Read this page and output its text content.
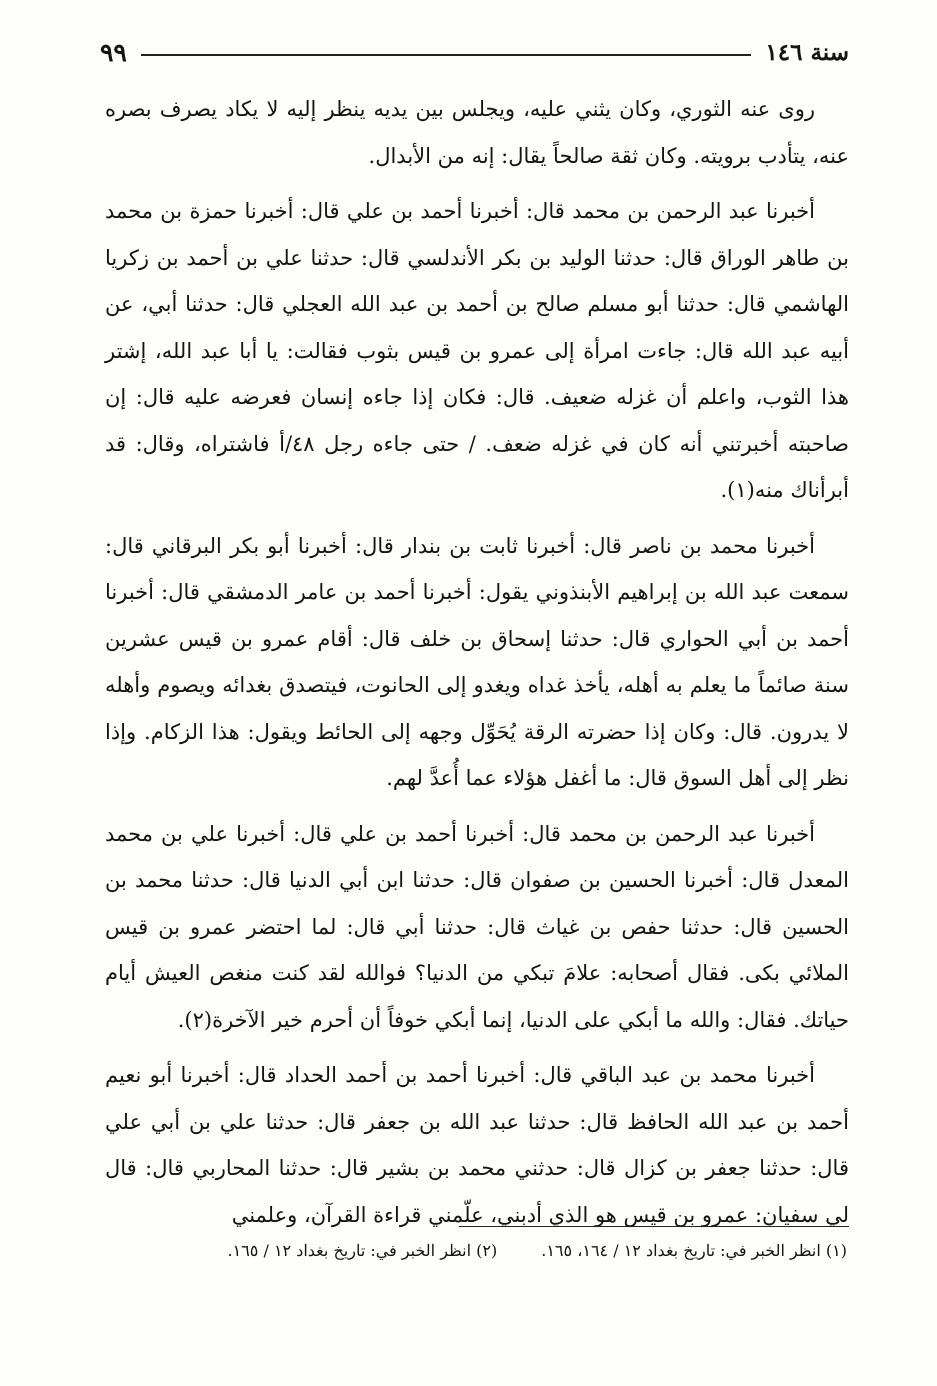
سنة ١٤٦
٩٩

روى عنه الثوري، وكان يثني عليه، ويجلس بين يديه ينظر إليه لا يكاد يصرف بصره عنه، يتأدب برويته. وكان ثقة صالحاً يقال: إنه من الأبدال.

أخبرنا عبد الرحمن بن محمد قال: أخبرنا أحمد بن علي قال: أخبرنا حمزة بن محمد بن طاهر الوراق قال: حدثنا الوليد بن بكر الأندلسي قال: حدثنا علي بن أحمد بن زكريا الهاشمي قال: حدثنا أبو مسلم صالح بن أحمد بن عبد الله العجلي قال: حدثنا أبي، عن أبيه عبد الله قال: جاءت امرأة إلى عمرو بن قيس بثوب فقالت: يا أبا عبد الله، إشتر هذا الثوب، واعلم أن غزله ضعيف. قال: فكان إذا جاءه إنسان فعرضه عليه قال: إن صاحبته أخبرتني أنه كان في غزله ضعف. / حتى جاءه رجل ٤٨/أ فاشتراه، وقال: قد أبرأناك منه(١).

أخبرنا محمد بن ناصر قال: أخبرنا ثابت بن بندار قال: أخبرنا أبو بكر البرقاني قال: سمعت عبد الله بن إبراهيم الأبنذوني يقول: أخبرنا أحمد بن عامر الدمشقي قال: أخبرنا أحمد بن أبي الحواري قال: حدثنا إسحاق بن خلف قال: أقام عمرو بن قيس عشرين سنة صائماً ما يعلم به أهله، يأخذ غداه ويغدو إلى الحانوت، فيتصدق بغدائه ويصوم وأهله لا يدرون. قال: وكان إذا حضرته الرقة يُحَوِّل وجهه إلى الحائط ويقول: هذا الزكام. وإذا نظر إلى أهل السوق قال: ما أغفل هؤلاء عما أُعدَّ لهم.

أخبرنا عبد الرحمن بن محمد قال: أخبرنا أحمد بن علي قال: أخبرنا علي بن محمد المعدل قال: أخبرنا الحسين بن صفوان قال: حدثنا ابن أبي الدنيا قال: حدثنا محمد بن الحسين قال: حدثنا حفص بن غياث قال: حدثنا أبي قال: لما احتضر عمرو بن قيس الملائي بكى. فقال أصحابه: علامَ تبكي من الدنيا؟ فوالله لقد كنت منغص العيش أيام حياتك. فقال: والله ما أبكي على الدنيا، إنما أبكي خوفاً أن أحرم خير الآخرة(٢).

أخبرنا محمد بن عبد الباقي قال: أخبرنا أحمد بن أحمد الحداد قال: أخبرنا أبو نعيم أحمد بن عبد الله الحافظ قال: حدثنا عبد الله بن جعفر قال: حدثنا علي بن أبي علي قال: حدثنا جعفر بن كزال قال: حدثني محمد بن بشير قال: حدثنا المحاربي قال: قال لي سفيان: عمرو بن قيس هو الذي أدبني، علّمني قراءة القرآن، وعلمني

(١) انظر الخبر في: تاريخ بغداد ١٢ / ١٦٤، ١٦٥.
(٢) انظر الخبر في: تاريخ بغداد ١٢ / ١٦٥.
